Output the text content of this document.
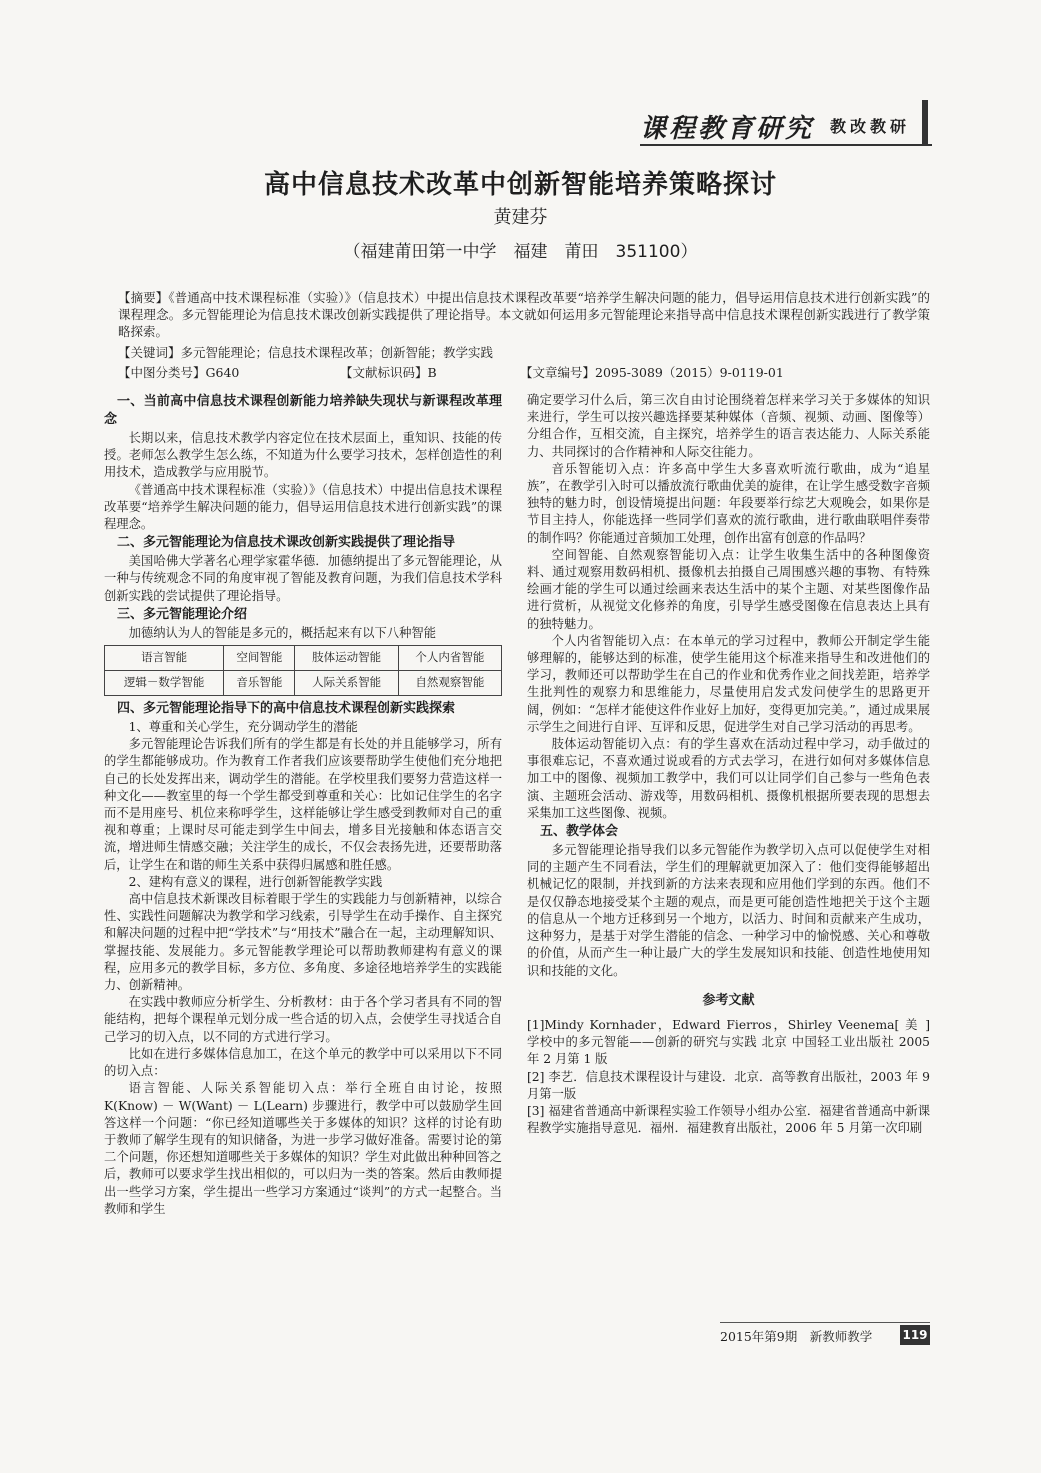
课程教育研究 教改教研
高中信息技术改革中创新智能培养策略探讨
黄建芬
（福建莆田第一中学　福建　莆田　351100）
【摘要】《普通高中技术课程标准（实验）》（信息技术）中提出信息技术课程改革要“培养学生解决问题的能力，倡导运用信息技术进行创新实践”的课程理念。多元智能理论为信息技术课改创新实践提供了理论指导。本文就如何运用多元智能理论来指导高中信息技术课程创新实践进行了教学策略探索。
【关键词】多元智能理论；信息技术课程改革；创新智能；教学实践
【中图分类号】G640	【文献标识码】B	【文章编号】2095-3089（2015）9-0119-01
一、当前高中信息技术课程创新能力培养缺失现状与新课程改革理念

长期以来，信息技术教学内容定位在技术层面上，重知识、技能的传授。老师怎么教学生怎么练，不知道为什么要学习技术，怎样创造性的利用技术，造成教学与应用脱节。

《普通高中技术课程标准（实验）》（信息技术）中提出信息技术课程改革要“培养学生解决问题的能力，倡导运用信息技术进行创新实践”的课程理念。

二、多元智能理论为信息技术课改创新实践提供了理论指导

美国哈佛大学著名心理学家霍华德．加德纳提出了多元智能理论，从一种与传统观念不同的角度审视了智能及教育问题，为我们信息技术学科创新实践的尝试提供了理论指导。

三、多元智能理论介绍

加德纳认为人的智能是多元的，概括起来有以下八种智能

语言智能	空间智能	肢体运动智能	个人内省智能
逻辑－数学智能	音乐智能	人际关系智能	自然观察智能
四、多元智能理论指导下的高中信息技术课程创新实践探索
1、尊重和关心学生，充分调动学生的潜能

多元智能理论告诉我们所有的学生都是有长处的并且能够学习，所有的学生都能够成功。作为教育工作者我们应该要帮助学生使他们充分地把自己的长处发挥出来，调动学生的潜能。在学校里我们要努力营造这样一种文化——教室里的每一个学生都受到尊重和关心：比如记住学生的名字而不是用座号、机位来称呼学生，这样能够让学生感受到教师对自己的重视和尊重；上课时尽可能走到学生中间去，增多目光接触和体态语言交流，增进师生情感交融；关注学生的成长，不仅会表扬先进，还要帮助落后，让学生在和谐的师生关系中获得归属感和胜任感。

2、建构有意义的课程，进行创新智能教学实践

高中信息技术新课改目标着眼于学生的实践能力与创新精神，以综合性、实践性问题解决为教学和学习线索，引导学生在动手操作、自主探究和解决问题的过程中把“学技术”与“用技术”融合在一起，主动理解知识、掌握技能、发展能力。多元智能教学理论可以帮助教师建构有意义的课程，应用多元的教学目标，多方位、多角度、多途径地培养学生的实践能力、创新精神。

在实践中教师应分析学生、分析教材：由于各个学习者具有不同的智能结构，把每个课程单元划分成一些合适的切入点，会使学生寻找适合自己学习的切入点，以不同的方式进行学习。

比如在进行多媒体信息加工，在这个单元的教学中可以采用以下不同的切入点：

语言智能、人际关系智能切入点：举行全班自由讨论，按照K(Know) － W(Want) － L(Learn) 步骤进行，教学中可以鼓励学生回答这样一个问题：“你已经知道哪些关于多媒体的知识？这样的讨论有助于教师了解学生现有的知识储备，为进一步学习做好准备。需要讨论的第二个问题，你还想知道哪些关于多媒体的知识？学生对此做出种种回答之后，教师可以要求学生找出相似的，可以归为一类的答案。然后由教师提出一些学习方案，学生提出一些学习方案通过“谈判”的方式一起整合。当教师和学生

确定要学习什么后，第三次自由讨论围绕着怎样来学习关于多媒体的知识来进行，学生可以按兴趣选择要某种媒体（音频、视频、动画、图像等）分组合作，互相交流，自主探究，培养学生的语言表达能力、人际关系能力、共同探讨的合作精神和人际交往能力。

音乐智能切入点：许多高中学生大多喜欢听流行歌曲，成为“追星族”，在教学引入时可以播放流行歌曲优美的旋律，在让学生感受数字音频独特的魅力时，创设情境提出问题：年段要举行综艺大观晚会，如果你是节目主持人，你能选择一些同学们喜欢的流行歌曲，进行歌曲联唱伴奏带的制作吗？你能通过音频加工处理，创作出富有创意的作品吗？

空间智能、自然观察智能切入点：让学生收集生活中的各种图像资料、通过观察用数码相机、摄像机去拍摄自己周围感兴趣的事物、有特殊绘画才能的学生可以通过绘画来表达生活中的某个主题、对某些图像作品进行赏析，从视觉文化修养的角度，引导学生感受图像在信息表达上具有的独特魅力。

个人内省智能切入点：在本单元的学习过程中，教师公开制定学生能够理解的，能够达到的标准，使学生能用这个标准来指导生和改进他们的学习，教师还可以帮助学生在自己的作业和优秀作业之间找差距，培养学生批判性的观察力和思维能力，尽量使用启发式发问使学生的思路更开阔，例如：“怎样才能使这件作业好上加好，变得更加完美。”，通过成果展示学生之间进行自评、互评和反思，促进学生对自己学习活动的再思考。

肢体运动智能切入点：有的学生喜欢在活动过程中学习，动手做过的事很难忘记，不喜欢通过说或看的方式去学习，在进行如何对多媒体信息加工中的图像、视频加工教学中，我们可以让同学们自己参与一些角色表演、主题班会活动、游戏等，用数码相机、摄像机根据所要表现的思想去采集加工这些图像、视频。

五、教学体会

多元智能理论指导我们以多元智能作为教学切入点可以促使学生对相同的主题产生不同看法，学生们的理解就更加深入了：他们变得能够超出机械记忆的限制，并找到新的方法来表现和应用他们学到的东西。他们不是仅仅静态地接受某个主题的观点，而是更可能创造性地把关于这个主题的信息从一个地方迁移到另一个地方，以活力、时间和贡献来产生成功，这种努力，是基于对学生潜能的信念、一种学习中的愉悦感、关心和尊敬的价值，从而产生一种让最广大的学生发展知识和技能、创造性地使用知识和技能的文化。

参考文献

[1]Mindy Kornhader，Edward Fierros，Shirley Veenema[ 美 ]　学校中的多元智能——创新的研究与实践 北京 中国轻工业出版社 2005 年 2 月第 1 版

[2] 李艺．信息技术课程设计与建设．北京．高等教育出版社，2003 年 9 月第一版

[3] 福建省普通高中新课程实验工作领导小组办公室．福建省普通高中新课程教学实施指导意见．福州．福建教育出版社，2006 年 5 月第一次印刷

2015年第9期　新教师教学	119
